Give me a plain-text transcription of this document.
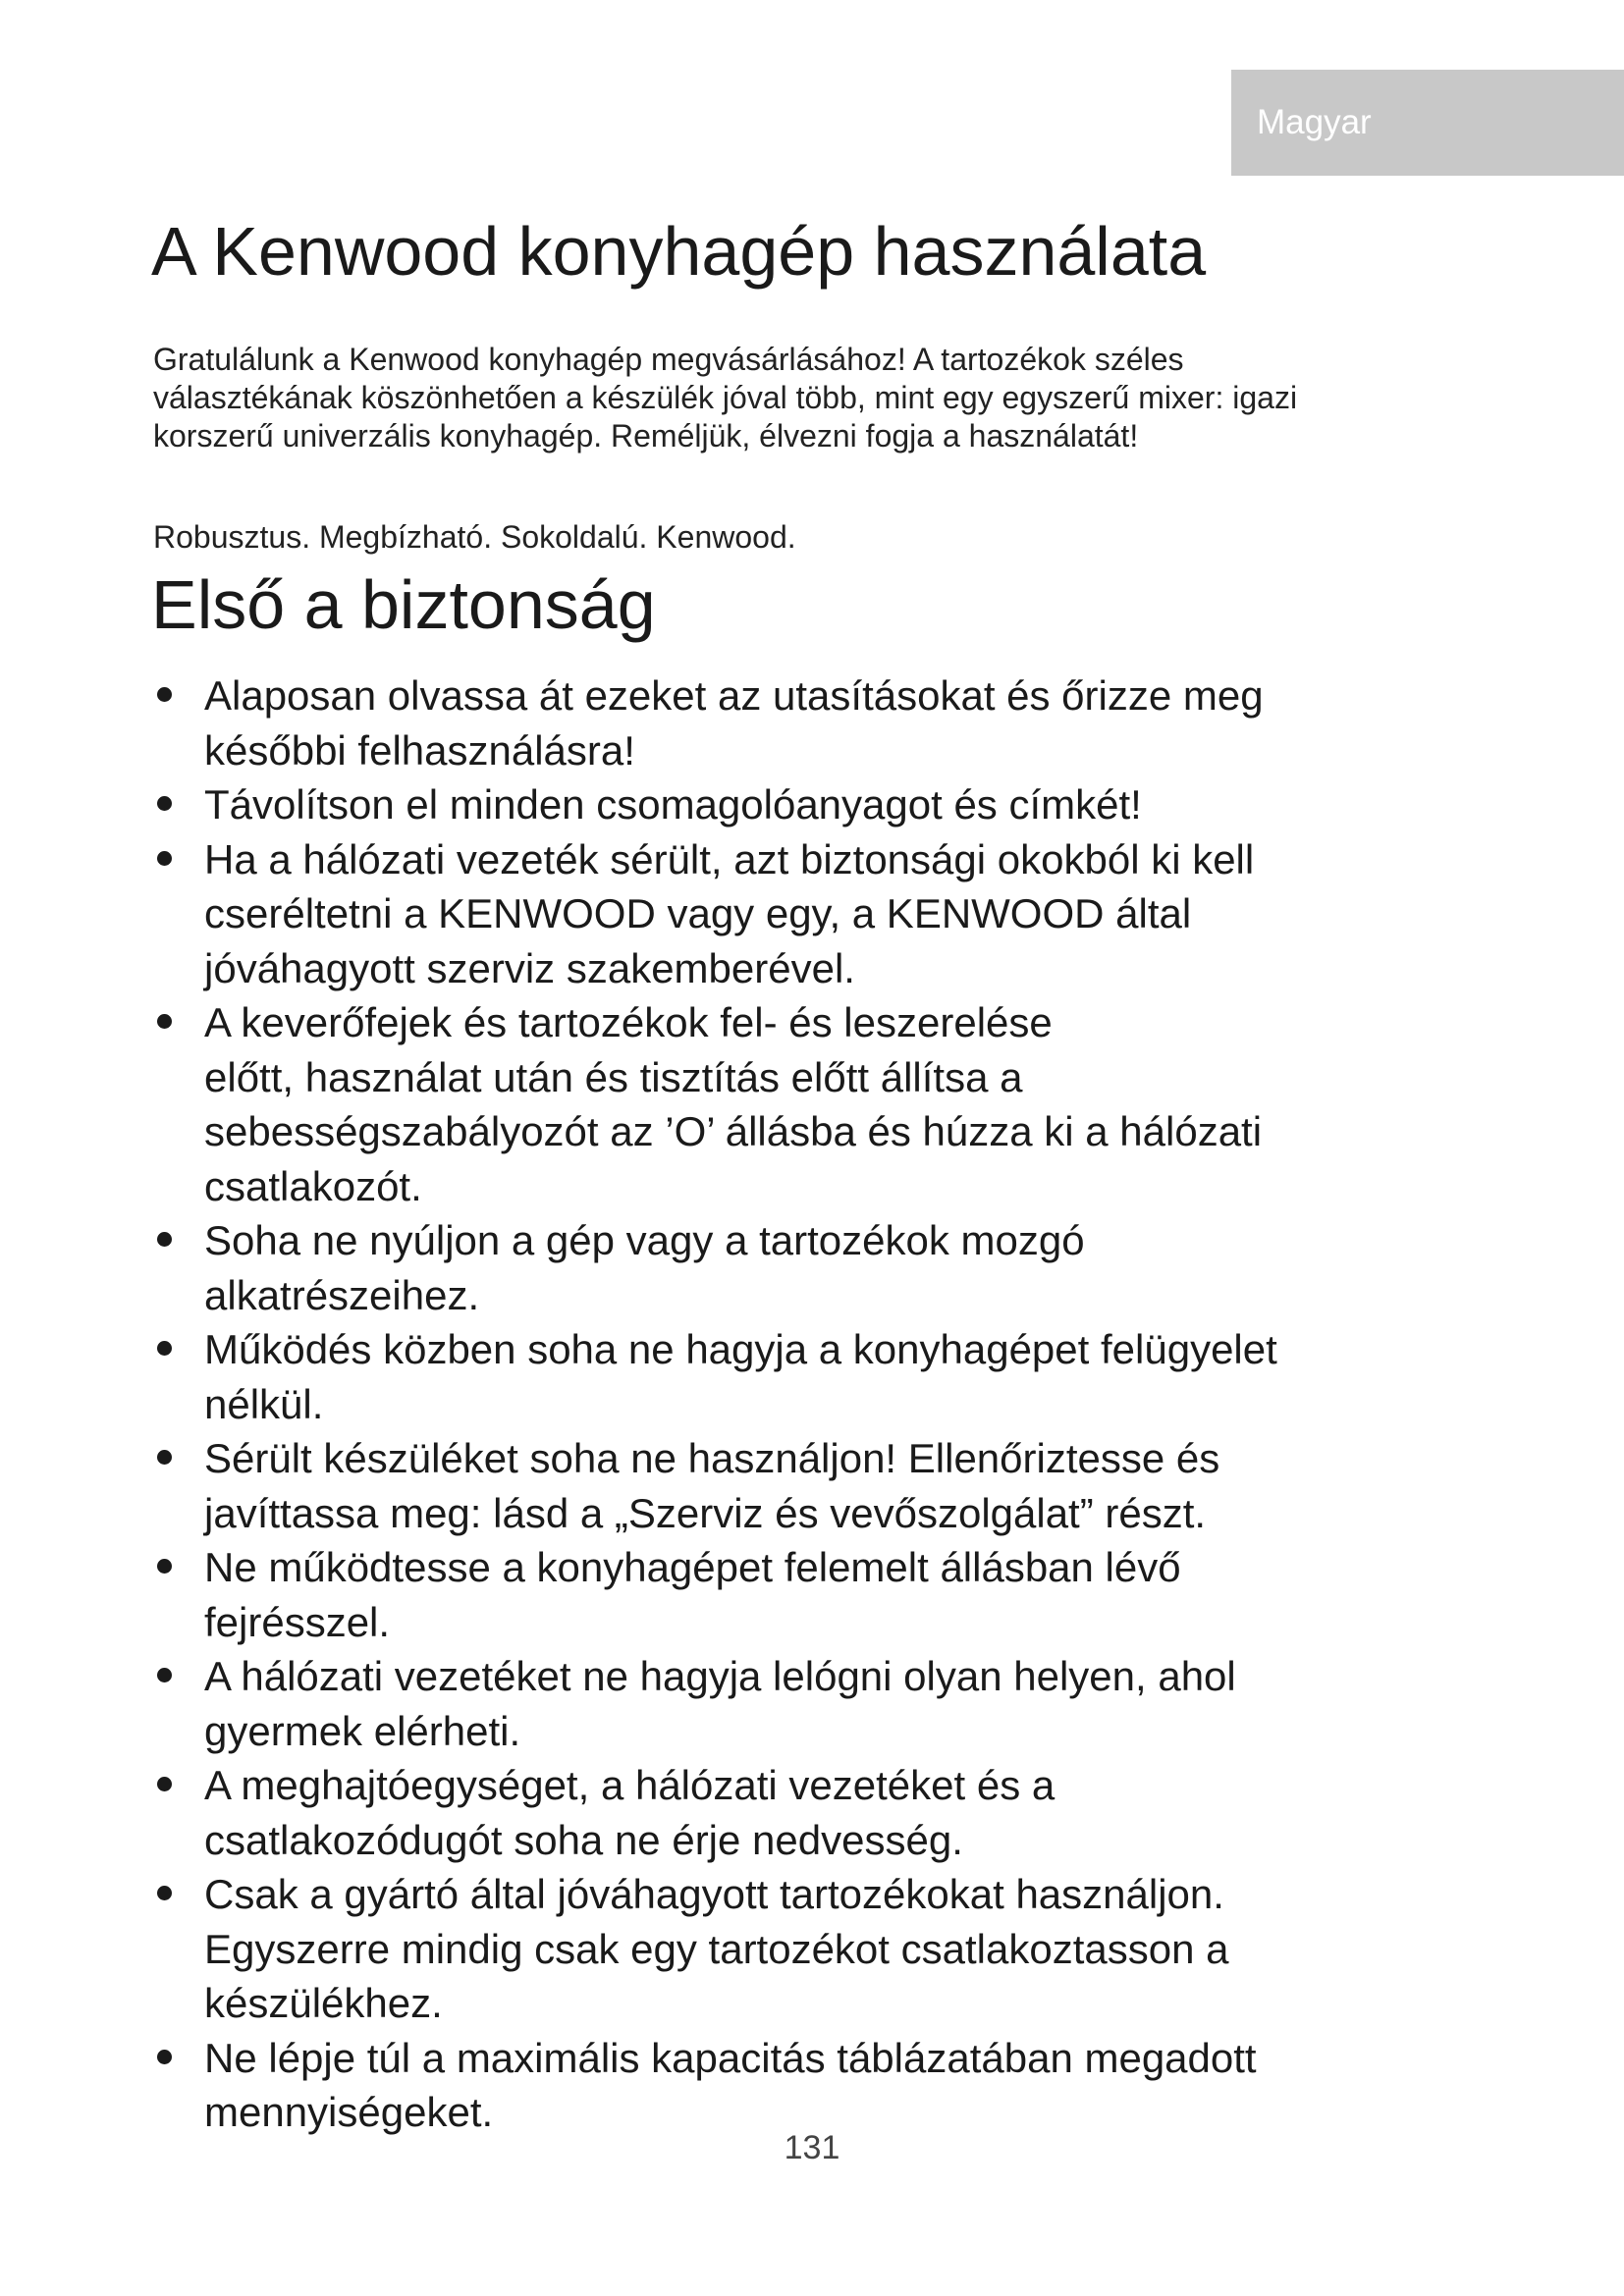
Magyar
A Kenwood konyhagép használata

Gratulálunk a Kenwood konyhagép megvásárlásához! A tartozékok széles
választékának köszönhetően a készülék jóval több, mint egy egyszerű mixer: igazi
korszerű univerzális konyhagép. Reméljük, élvezni fogja a használatát!

Robusztus. Megbízható. Sokoldalú. Kenwood.

Első a biztonság
Alaposan olvassa át ezeket az utasításokat és őrizze meg
későbbi felhasználásra!
Távolítson el minden csomagolóanyagot és címkét!
Ha a hálózati vezeték sérült, azt biztonsági okokból ki kell
cseréltetni a KENWOOD vagy egy, a KENWOOD által
jóváhagyott szerviz szakemberével.
A keverőfejek és tartozékok fel- és leszerelése
előtt, használat után és tisztítás előtt állítsa a
sebességszabályozót az ’O’ állásba és húzza ki a hálózati
csatlakozót.
Soha ne nyúljon a gép vagy a tartozékok mozgó
alkatrészeihez.
Működés közben soha ne hagyja a konyhagépet felügyelet
nélkül.
Sérült készüléket soha ne használjon! Ellenőriztesse és
javíttassa meg: lásd a „Szerviz és vevőszolgálat” részt.
Ne működtesse a konyhagépet felemelt állásban lévő
fejrésszel.
A hálózati vezetéket ne hagyja lelógni olyan helyen, ahol
gyermek elérheti.
A meghajtóegységet, a hálózati vezetéket és a
csatlakozódugót soha ne érje nedvesség.
Csak a gyártó által jóváhagyott tartozékokat használjon.
Egyszerre mindig csak egy tartozékot csatlakoztasson a
készülékhez.
Ne lépje túl a maximális kapacitás táblázatában megadott
mennyiségeket.
131
